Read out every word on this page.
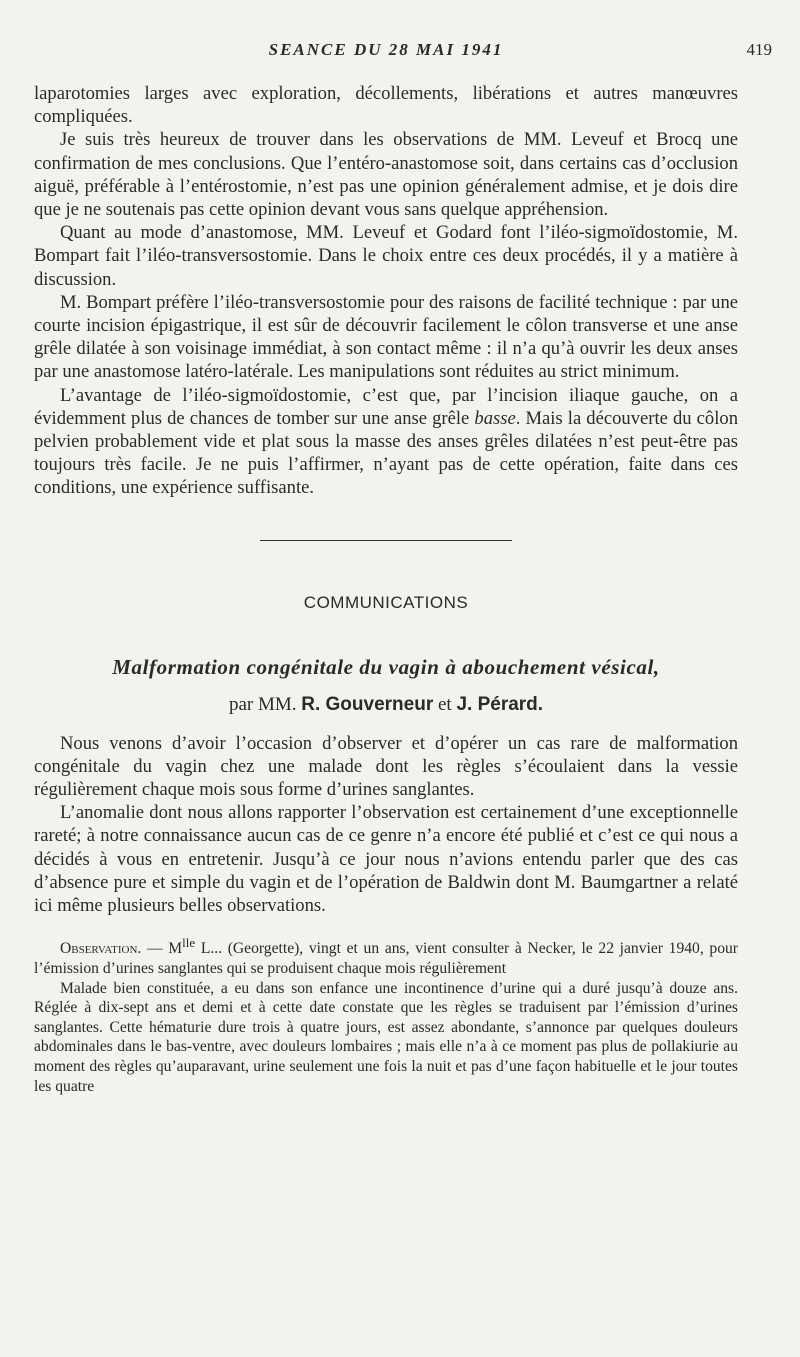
SEANCE DU 28 MAI 1941	419

laparotomies larges avec exploration, décollements, libérations et autres manœuvres compliquées.

Je suis très heureux de trouver dans les observations de MM. Leveuf et Brocq une confirmation de mes conclusions. Que l’entéro-anastomose soit, dans certains cas d’occlusion aiguë, préférable à l’entérostomie, n’est pas une opinion généralement admise, et je dois dire que je ne soutenais pas cette opinion devant vous sans quelque appréhension.

Quant au mode d’anastomose, MM. Leveuf et Godard font l’iléo-sigmoïdostomie, M. Bompart fait l’iléo-transversostomie. Dans le choix entre ces deux procédés, il y a matière à discussion.

M. Bompart préfère l’iléo-transversostomie pour des raisons de facilité technique : par une courte incision épigastrique, il est sûr de découvrir facilement le côlon transverse et une anse grêle dilatée à son voisinage immédiat, à son contact même : il n’a qu’à ouvrir les deux anses par une anastomose latéro-latérale. Les manipulations sont réduites au strict minimum.

L’avantage de l’iléo-sigmoïdostomie, c’est que, par l’incision iliaque gauche, on a évidemment plus de chances de tomber sur une anse grêle basse. Mais la découverte du côlon pelvien probablement vide et plat sous la masse des anses grêles dilatées n’est peut-être pas toujours très facile. Je ne puis l’affirmer, n’ayant pas de cette opération, faite dans ces conditions, une expérience suffisante.

COMMUNICATIONS
Malformation congénitale du vagin à abouchement vésical,
par MM. R. Gouverneur et J. Pérard.

Nous venons d’avoir l’occasion d’observer et d’opérer un cas rare de malformation congénitale du vagin chez une malade dont les règles s’écoulaient dans la vessie régulièrement chaque mois sous forme d’urines sanglantes.

L’anomalie dont nous allons rapporter l’observation est certainement d’une exceptionnelle rareté; à notre connaissance aucun cas de ce genre n’a encore été publié et c’est ce qui nous a décidés à vous en entretenir. Jusqu’à ce jour nous n’avions entendu parler que des cas d’absence pure et simple du vagin et de l’opération de Baldwin dont M. Baumgartner a relaté ici même plusieurs belles observations.

Observation. — $M^{lle}$ L... (Georgette), vingt et un ans, vient consulter à Necker, le 22 janvier 1940, pour l’émission d’urines sanglantes qui se produisent chaque mois régulièrement

Malade bien constituée, a eu dans son enfance une incontinence d’urine qui a duré jusqu’à douze ans. Réglée à dix-sept ans et demi et à cette date constate que les règles se traduisent par l’émission d’urines sanglantes. Cette hématurie dure trois à quatre jours, est assez abondante, s’annonce par quelques douleurs abdominales dans le bas-ventre, avec douleurs lombaires ; mais elle n’a à ce moment pas plus de pollakiurie au moment des règles qu’auparavant, urine seulement une fois la nuit et pas d’une façon habituelle et le jour toutes les quatre
